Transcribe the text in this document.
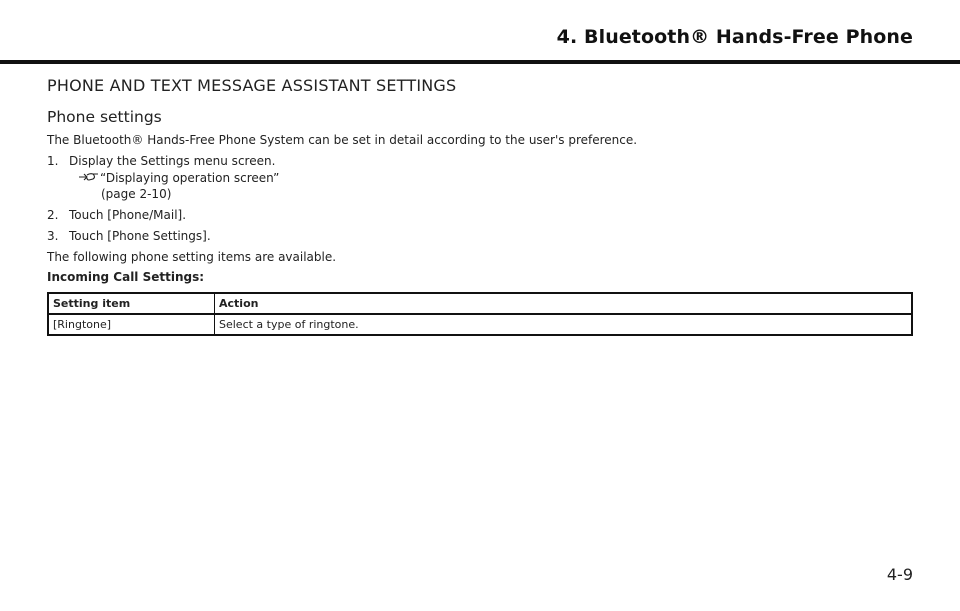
4. Bluetooth® Hands-Free Phone
PHONE AND TEXT MESSAGE ASSISTANT SETTINGS
Phone settings
The Bluetooth® Hands-Free Phone System can be set in detail according to the user's preference.
1. Display the Settings menu screen.
“Displaying operation screen”
(page 2-10)
2. Touch [Phone/Mail].
3. Touch [Phone Settings].
The following phone setting items are available.
Incoming Call Settings:
Setting item	Action
[Ringtone]	Select a type of ringtone.
4-9
